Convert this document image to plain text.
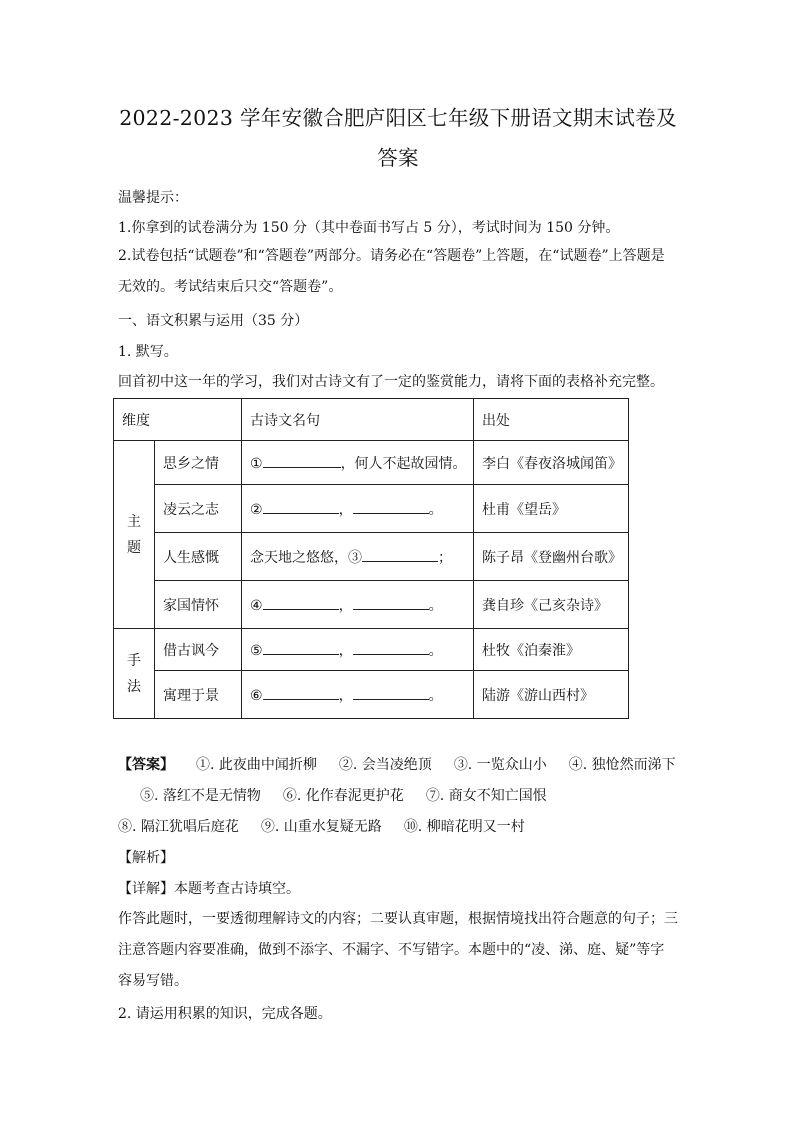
2022-2023 学年安徽合肥庐阳区七年级下册语文期末试卷及
答案
温馨提示：
1.你拿到的试卷满分为 150 分（其中卷面书写占 5 分），考试时间为 150 分钟。
2.试卷包括“试题卷”和“答题卷”两部分。请务必在“答题卷”上答题，在“试题卷”上答题是无效的。考试结束后只交“答题卷”。
一、语文积累与运用（35 分）
1. 默写。
回首初中这一年的学习，我们对古诗文有了一定的鉴赏能力，请将下面的表格补充完整。
维度		古诗文名句	出处

主
题	思乡之情	① ，何人不起故园情。	李白《春夜洛城闻笛》
	凌云之志	② ， 。	杜甫《望岳》
	人生感慨	念天地之悠悠，③ ；	陈子昂《登幽州台歌》
	家国情怀	④ ， 。	龚自珍《己亥杂诗》

手
法	借古讽今	⑤ ， 。	杜牧《泊秦淮》
	寓理于景	⑥ ， 。	陆游《游山西村》
【答案】 ①. 此夜曲中闻折柳 ②. 会当凌绝顶 ③. 一览众山小 ④. 独怆然而涕下⑤. 落红不是无情物 ⑥. 化作春泥更护花 ⑦. 商女不知亡国恨⑧. 隔江犹唱后庭花 ⑨. 山重水复疑无路 ⑩. 柳暗花明又一村
【解析】
【详解】本题考查古诗填空。
作答此题时，一要透彻理解诗文的内容；二要认真审题，根据情境找出符合题意的句子；三注意答题内容要准确，做到不添字、不漏字、不写错字。本题中的“凌、涕、庭、疑”等字容易写错。
2. 请运用积累的知识，完成各题。
